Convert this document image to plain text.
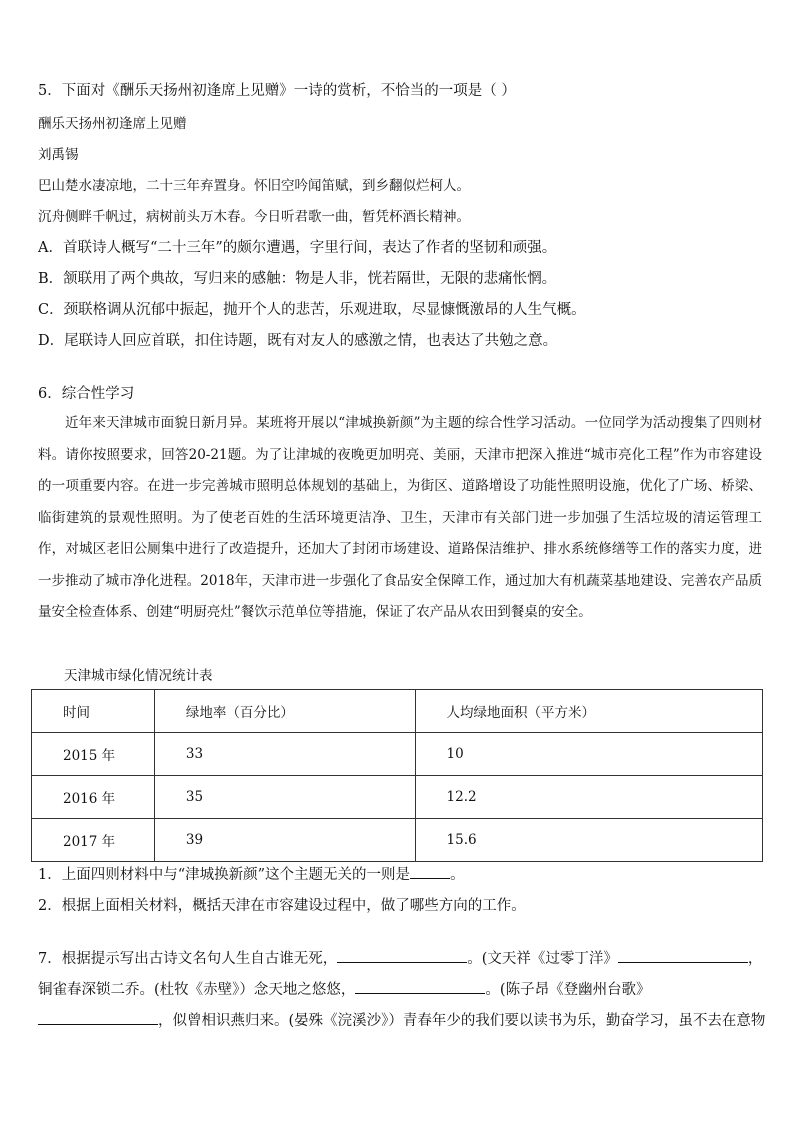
5．下面对《酬乐天扬州初逢席上见赠》一诗的赏析，不恰当的一项是（ ）
酬乐天扬州初逢席上见赠
刘禹锡
巴山楚水凄凉地，二十三年弃置身。怀旧空吟闻笛赋，到乡翻似烂柯人。
沉舟侧畔千帆过，病树前头万木春。今日听君歌一曲，暂凭杯酒长精神。
A．首联诗人概写“二十三年”的颇尔遭遇，字里行间，表达了作者的坚韧和顽强。
B．颔联用了两个典故，写归来的感触：物是人非，恍若隔世，无限的悲痛怅惘。
C．颈联格调从沉郁中振起，抛开个人的悲苦，乐观进取，尽显慷慨激昂的人生气概。
D．尾联诗人回应首联，扣住诗题，既有对友人的感激之情，也表达了共勉之意。
6．综合性学习
近年来天津城市面貌日新月异。某班将开展以“津城换新颜”为主题的综合性学习活动。一位同学为活动搜集了四则材料。请你按照要求，回答20-21题。为了让津城的夜晚更加明亮、美丽，天津市把深入推进“城市亮化工程”作为市容建设的一项重要内容。在进一步完善城市照明总体规划的基础上，为街区、道路增设了功能性照明设施，优化了广场、桥梁、临街建筑的景观性照明。为了使老百姓的生活环境更洁净、卫生，天津市有关部门进一步加强了生活垃圾的清运管理工作，对城区老旧公厕集中进行了改造提升，还加大了封闭市场建设、道路保洁维护、排水系统修缮等工作的落实力度，进一步推动了城市净化进程。2018年，天津市进一步强化了食品安全保障工作，通过加大有机蔬菜基地建设、完善农产品质量安全检查体系、创建“明厨亮灶”餐饮示范单位等措施，保证了农产品从农田到餐桌的安全。
天津城市绿化情况统计表
时间	绿地率（百分比）	人均绿地面积（平方米）
2015 年	33	10
2016 年	35	12.2
2017 年	39	15.6
1．上面四则材料中与“津城换新颜”这个主题无关的一则是	。
2．根据上面相关材料，概括天津在市容建设过程中，做了哪些方向的工作。
7．根据提示写出古诗文名句人生自古谁无死，	。(文天祥《过零丁洋》	，
铜雀春深锁二乔。(杜牧《赤壁》）念天地之悠悠，	。(陈子昂《登幽州台歌》
，似曾相识燕归来。(晏殊《浣溪沙》）青春年少的我们要以读书为乐，勤奋学习，虽不去在意物
